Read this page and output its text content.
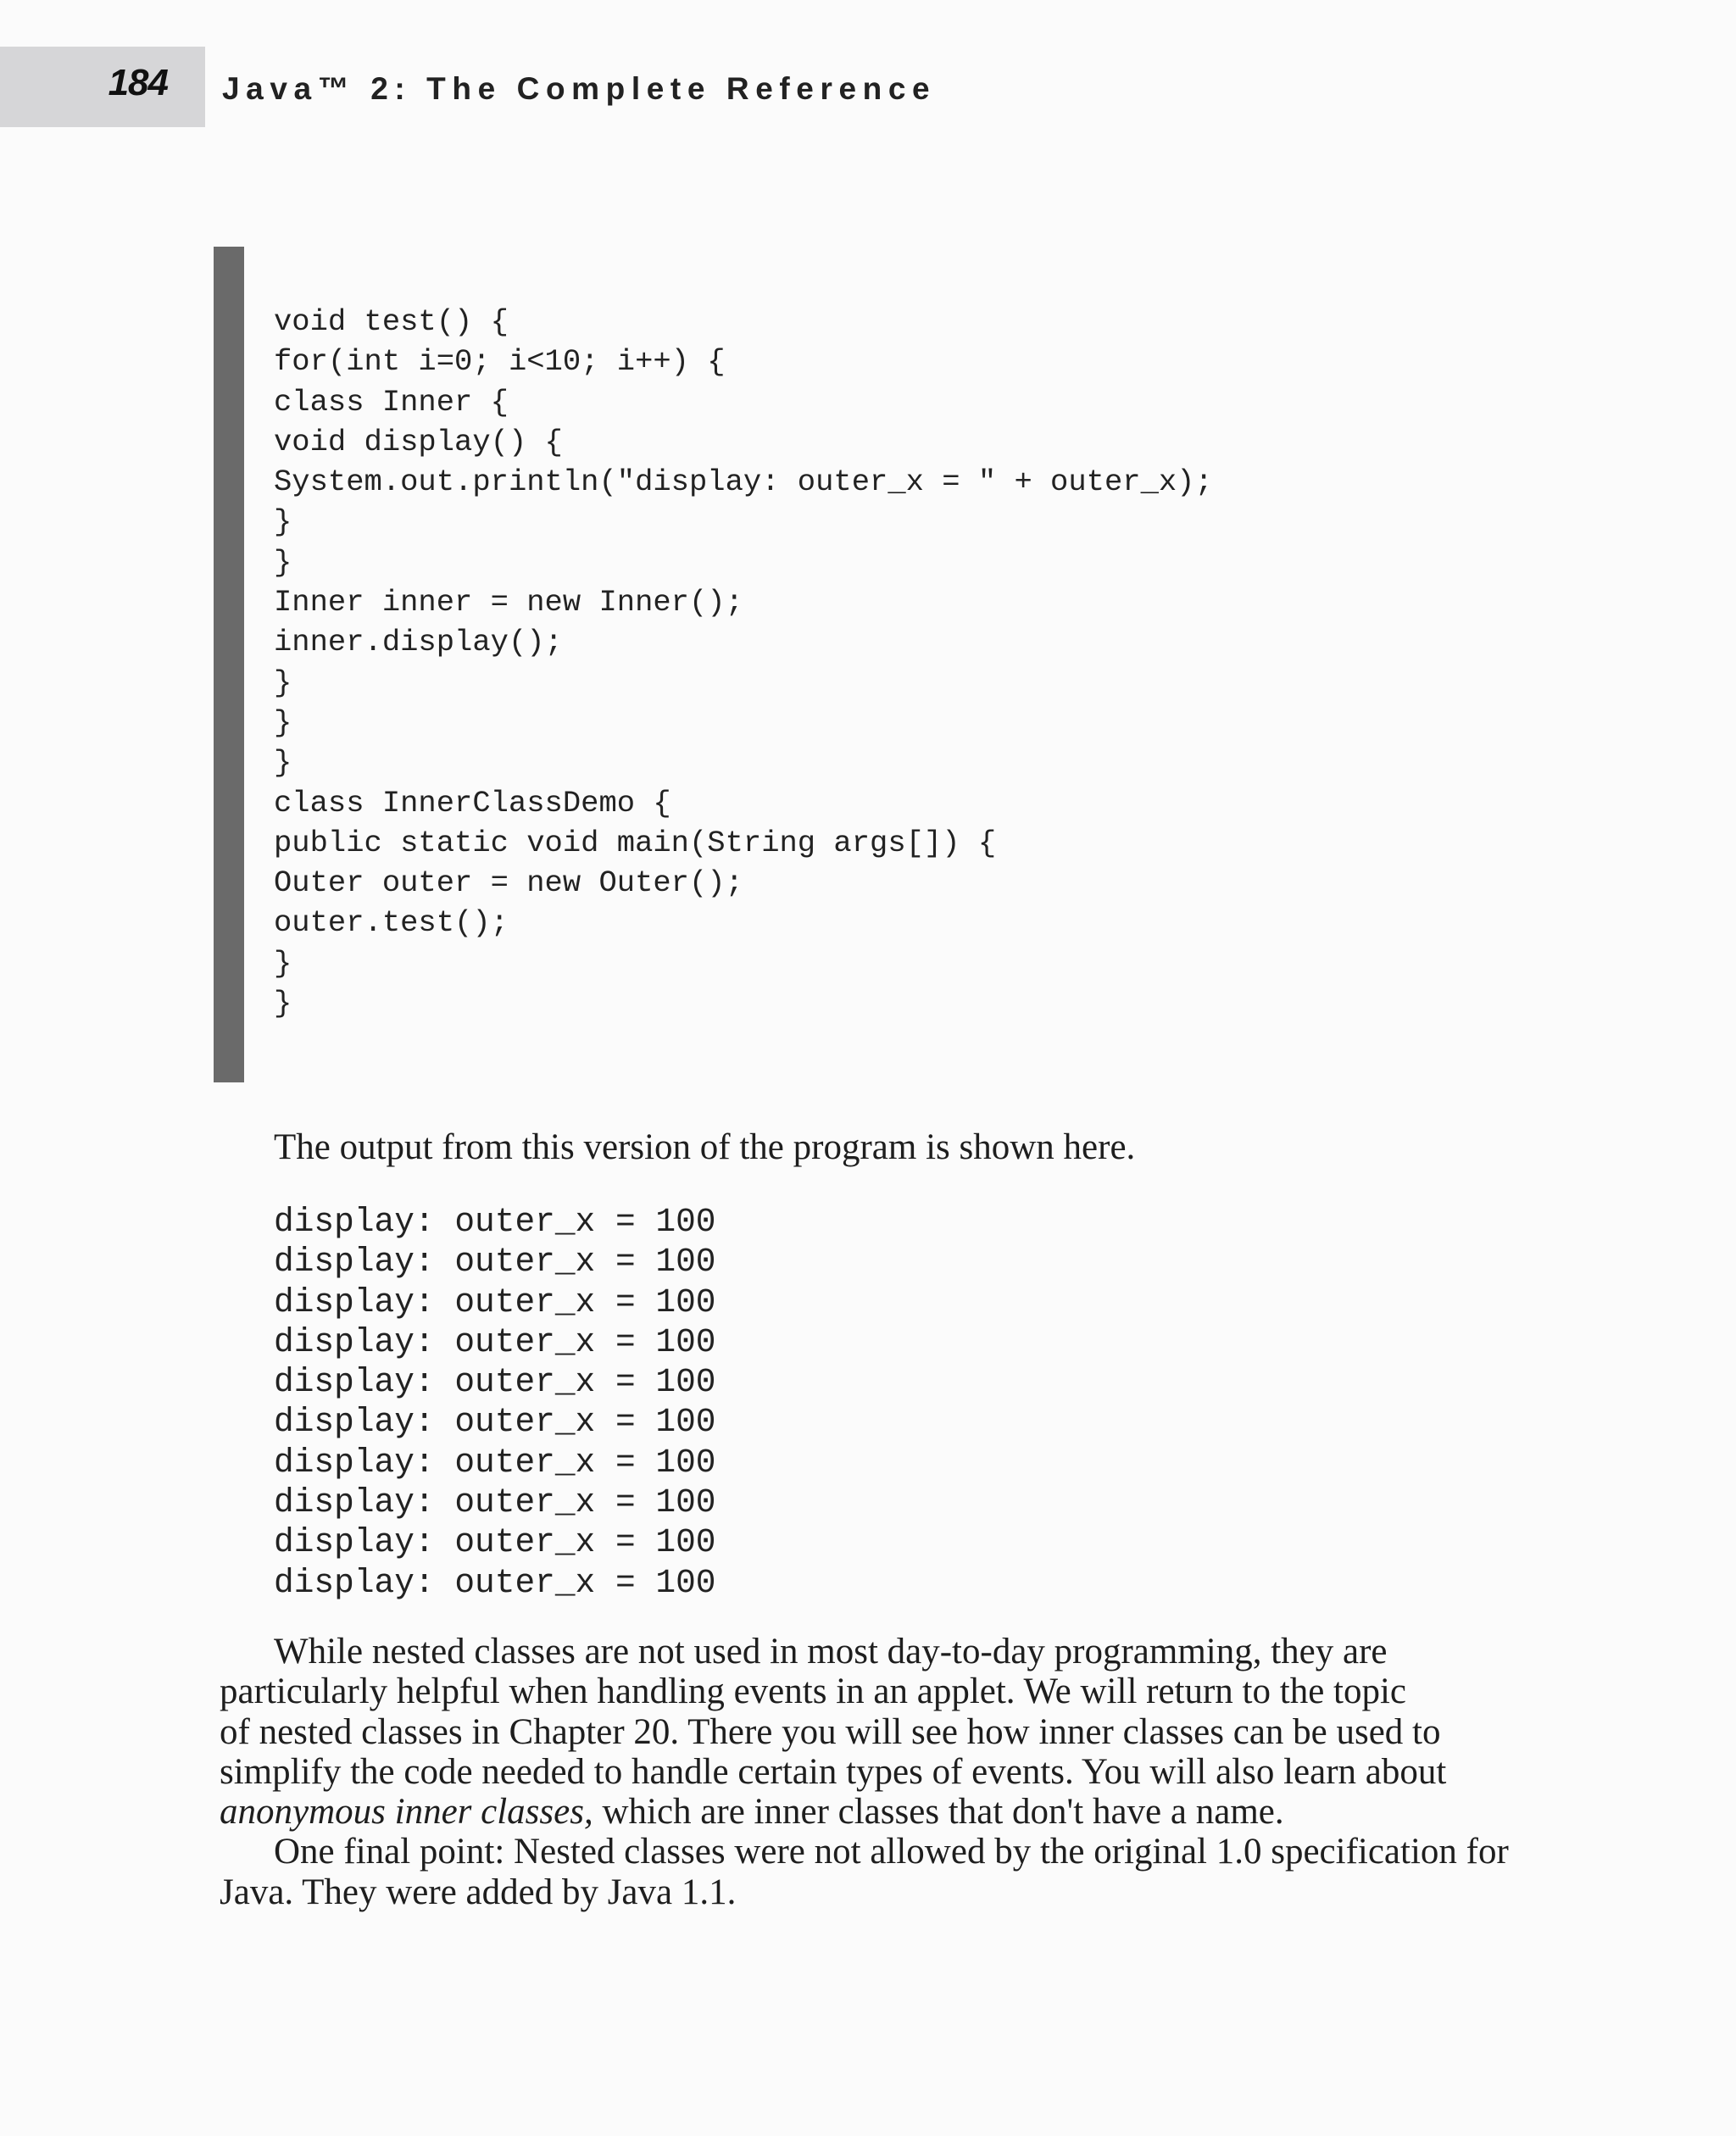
184 Java™ 2: The Complete Reference
void test() {
for(int i=0; i<10; i++) {
class Inner {
void display() {
System.out.println("display: outer_x = " + outer_x);
}
}
Inner inner = new Inner();
inner.display();
}
}
}
class InnerClassDemo {
public static void main(String args[]) {
Outer outer = new Outer();
outer.test();
}
}

The output from this version of the program is shown here.

display: outer_x = 100
display: outer_x = 100
display: outer_x = 100
display: outer_x = 100
display: outer_x = 100
display: outer_x = 100
display: outer_x = 100
display: outer_x = 100
display: outer_x = 100
display: outer_x = 100

While nested classes are not used in most day-to-day programming, they are
particularly helpful when handling events in an applet. We will return to the topic
of nested classes in Chapter 20. There you will see how inner classes can be used to
simplify the code needed to handle certain types of events. You will also learn about
anonymous inner classes, which are inner classes that don't have a name.

One final point: Nested classes were not allowed by the original 1.0 specification for
Java. They were added by Java 1.1.
